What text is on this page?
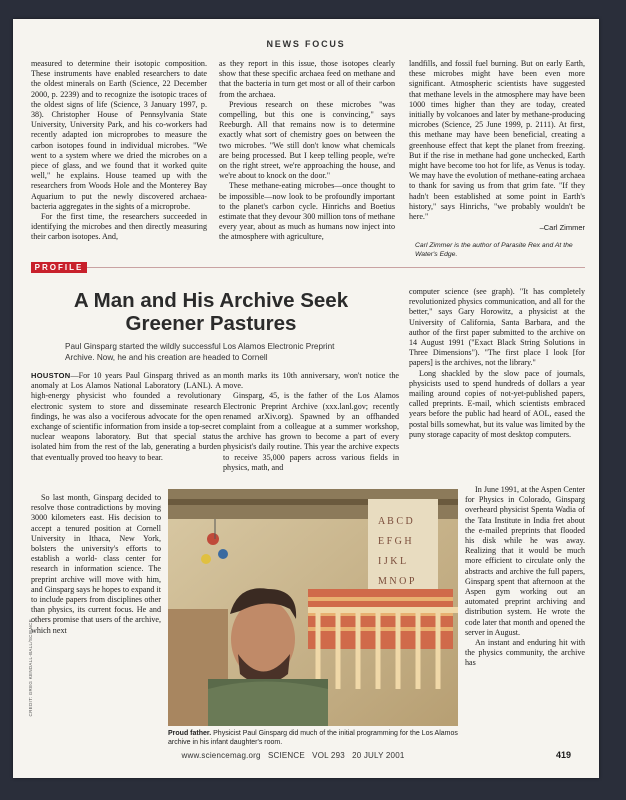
NEWS FOCUS

measured to determine their isotopic composition. These instruments have enabled researchers to date the oldest minerals on Earth (Science, 22 December 2000, p. 2239) and to recognize the isotopic traces of the oldest signs of life (Science, 3 January 1997, p. 38). Christopher House of Pennsylvania State University, University Park, and his co-workers had recently adapted ion microprobes to measure the carbon isotopes found in individual microbes. "We went to a system where we dried the microbes on a piece of glass, and we found that it worked quite well," he explains. House teamed up with the researchers from Woods Hole and the Monterey Bay Aquarium to put the newly discovered archaea-bacteria aggregates in the sights of a microprobe.

For the first time, the researchers succeeded in identifying the microbes and then directly measuring their carbon isotopes. And,

as they report in this issue, those isotopes clearly show that these specific archaea feed on methane and that the bacteria in turn get most or all of their carbon from the archaea.

Previous research on these microbes "was compelling, but this one is convincing," says Reeburgh. All that remains now is to determine exactly what sort of chemistry goes on between the two microbes. "We still don't know what chemicals are being processed. But I keep telling people, we're on the right street, we're approaching the house, and we're about to knock on the door."

These methane-eating microbes—once thought to be impossible—now look to be profoundly important to the planet's carbon cycle. Hinrichs and Boetius estimate that they devour 300 million tons of methane every year, about as much as humans now inject into the atmosphere with agriculture,

landfills, and fossil fuel burning. But on early Earth, these microbes might have been even more significant. Atmospheric scientists have suggested that methane levels in the atmosphere may have been 1000 times higher than they are today, created initially by volcanoes and later by methane-producing microbes (Science, 25 June 1999, p. 2111). At first, this methane may have been beneficial, creating a greenhouse effect that kept the planet from freezing. But if the rise in methane had gone unchecked, Earth might have become too hot for life, as Venus is today. We may have the evolution of methane-eating archaea to thank for saving us from that grim fate. "If they hadn't been established at some point in Earth's history," says Hinrichs, "we probably wouldn't be here."

–Carl Zimmer

Carl Zimmer is the author of Parasite Rex and At the Water's Edge.
PROFILE
A Man and His Archive Seek Greener Pastures
Paul Ginsparg started the wildly successful Los Alamos Electronic Preprint Archive. Now, he and his creation are headed to Cornell

HOUSTON—For 10 years Paul Ginsparg thrived as an anomaly at Los Alamos National Laboratory (LANL). A high-energy physicist who founded a revolutionary electronic system to store and disseminate research findings, he was also a vociferous advocate for the open exchange of scientific information from inside a top-secret nuclear weapons laboratory. But that special status isolated him from the rest of the lab, generating a burden that eventually proved too heavy to bear.

So last month, Ginsparg decided to resolve those contradictions by moving 3000 kilometers east. His decision to accept a tenured position at Cornell University in Ithaca, New York, bolsters the university's efforts to establish a world- class center for research in information science. The preprint archive will move with him, and Ginsparg says he hopes to expand it to include papers from disciplines other than physics, its current focus. He and others promise that users of the archive, which next

month marks its 10th anniversary, won't notice the move.

Ginsparg, 45, is the father of the Los Alamos Electronic Preprint Archive (xxx.lanl.gov; recently renamed arXiv.org). Spawned by an offhanded complaint from a colleague at a summer workshop, the archive has grown to become a part of every physicist's daily routine. This year the archive expects to receive 35,000 papers across various fields in physics, math, and

computer science (see graph). "It has completely revolutionized physics communication, and all for the better," says Gary Horowitz, a physicist at the University of California, Santa Barbara, and the author of the first paper submitted to the archive on 14 August 1991 ("Exact Black String Solutions in Three Dimensions"). "The first place I look [for papers] is the archives, not the library."

Long shackled by the slow pace of journals, physicists used to spend hundreds of dollars a year mailing around copies of not-yet-published papers, called preprints. E-mail, which scientists embraced years before the public had heard of AOL, eased the postal bills somewhat, but its value was limited by the puny storage capacity of most desktop computers.

In June 1991, at the Aspen Center for Physics in Colorado, Ginsparg overheard physicist Spenta Wadia of the Tata Institute in India fret about the e-mailed preprints that flooded his disk while he was away. Realizing that it would be much more efficient to circulate only the abstracts and archive the full papers, Ginsparg spent that afternoon at the Aspen gym working out an automated preprint archiving and distribution system. He wrote the code later that month and opened the server in August.

An instant and enduring hit with the physics community, the archive has

A B C D
E F G H
I J K L
M N O P
CREDIT: GREG KENDALL-BALL/SCIENCE
Proud father. Physicist Paul Ginsparg did much of the initial programming for the Los Alamos archive in his infant daughter's room.
www.sciencemag.org   SCIENCE   VOL 293   20 JULY 2001	419
